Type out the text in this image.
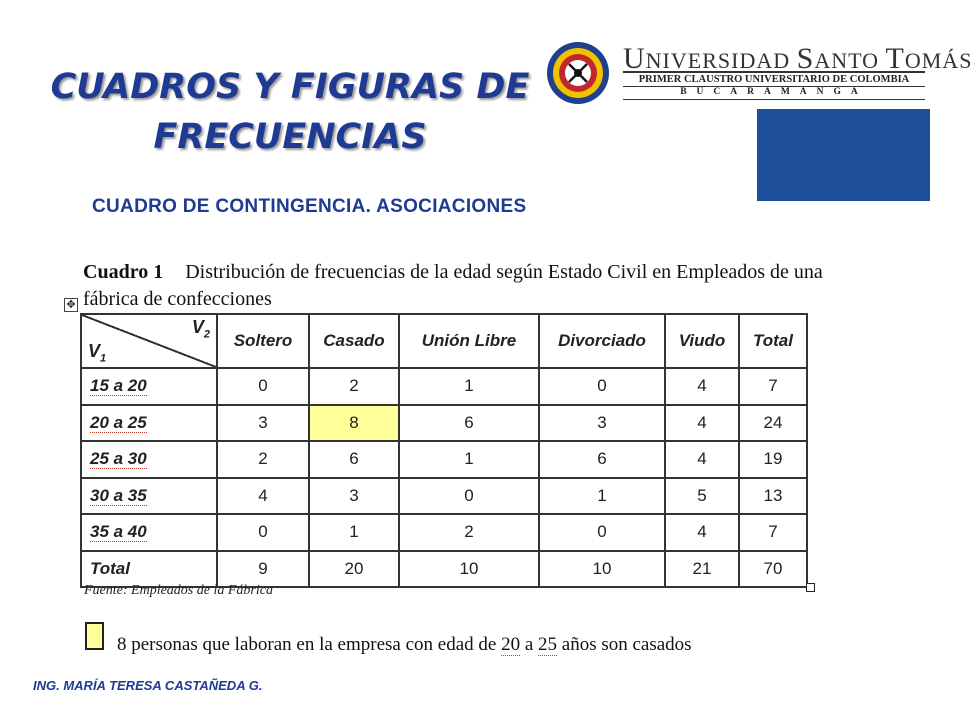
CUADROS Y FIGURAS DE
FRECUENCIAS
UNIVERSIDAD SANTO TOMÁS
PRIMER CLAUSTRO UNIVERSITARIO DE COLOMBIA
BUCARAMANGA
CUADRO DE CONTINGENCIA. ASOCIACIONES
Cuadro 1 Distribución de frecuencias de la edad según Estado Civil en Empleados de una fábrica de confecciones
✥
$V_2$
$V_1$	Soltero	Casado	Unión Libre	Divorciado	Viudo	Total
15 a 20	0	2	1	0	4	7
20 a 25	3	8	6	3	4	24
25 a 30	2	6	1	6	4	19
30 a 35	4	3	0	1	5	13
35 a 40	0	1	2	0	4	7
Total	9	20	10	10	21	70
Fuente: Empleados de la Fábrica
8 personas que laboran en la empresa con edad de 20 a 25 años son casados
ING. MARÍA TERESA CASTAÑEDA G.
